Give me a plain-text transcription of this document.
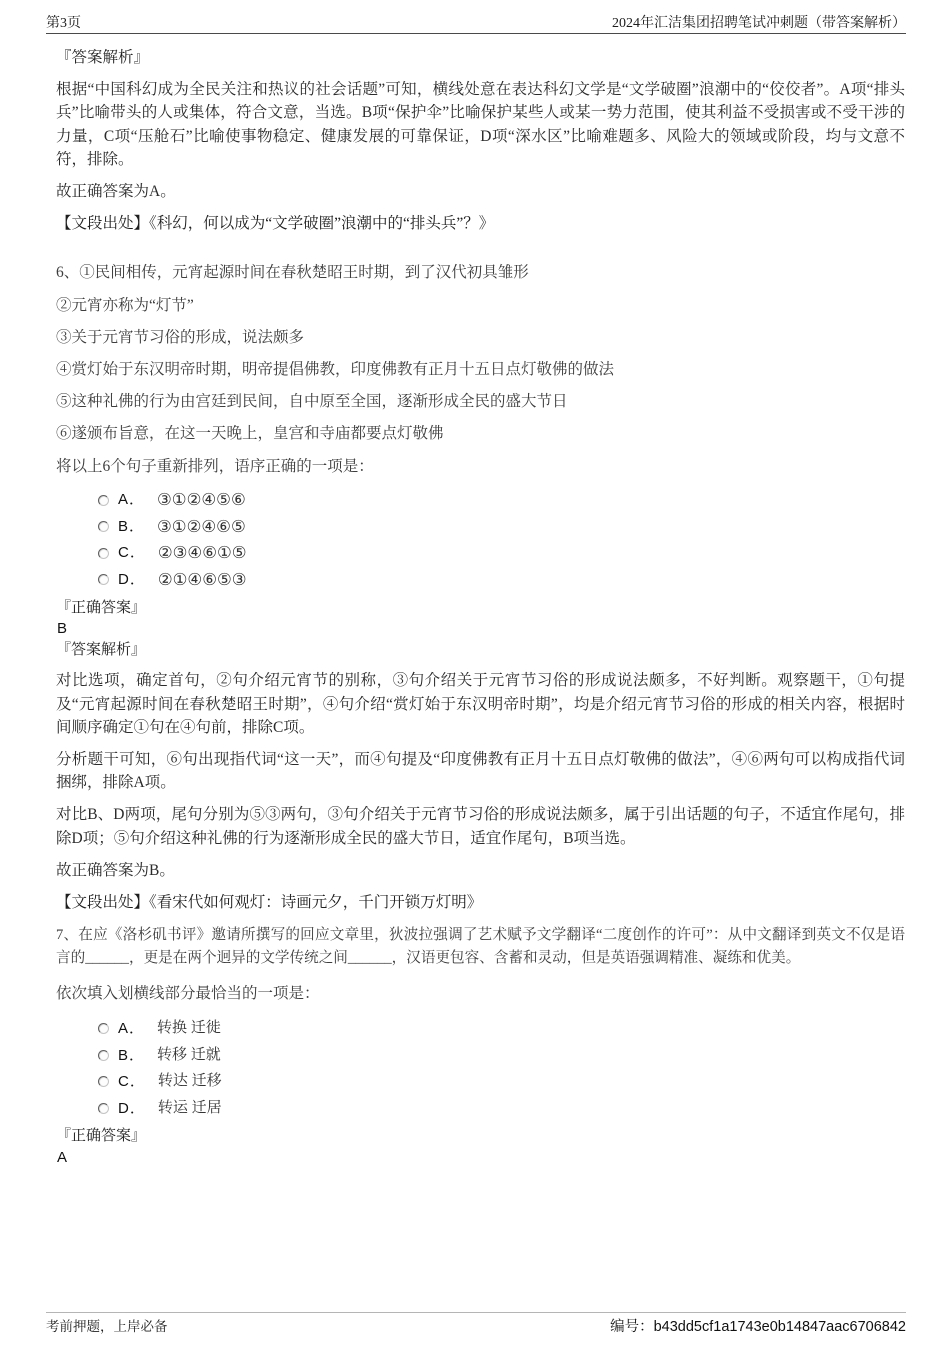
第3页	2024年汇洁集团招聘笔试冲刺题（带答案解析）
『答案解析』

根据“中国科幻成为全民关注和热议的社会话题”可知，横线处意在表达科幻文学是“文学破圈”浪潮中的“佼佼者”。A项“排头兵”比喻带头的人或集体，符合文意，当选。B项“保护伞”比喻保护某些人或某一势力范围，使其利益不受损害或不受干涉的力量，C项“压舱石”比喻使事物稳定、健康发展的可靠保证，D项“深水区”比喻难题多、风险大的领域或阶段，均与文意不符，排除。

故正确答案为A。

【文段出处】《科幻，何以成为“文学破圈”浪潮中的“排头兵”？》

6、①民间相传，元宵起源时间在春秋楚昭王时期，到了汉代初具雏形

②元宵亦称为“灯节”

③关于元宵节习俗的形成，说法颇多

④赏灯始于东汉明帝时期，明帝提倡佛教，印度佛教有正月十五日点灯敬佛的做法

⑤这种礼佛的行为由宫廷到民间，自中原至全国，逐渐形成全民的盛大节日

⑥遂颁布旨意，在这一天晚上，皇宫和寺庙都要点灯敬佛

将以上6个句子重新排列，语序正确的一项是：

A． ③①②④⑤⑥
B． ③①②④⑥⑤
C． ②③④⑥①⑤
D． ②①④⑥⑤③
『正确答案』
B
『答案解析』

对比选项，确定首句，②句介绍元宵节的别称，③句介绍关于元宵节习俗的形成说法颇多，不好判断。观察题干，①句提及“元宵起源时间在春秋楚昭王时期”，④句介绍“赏灯始于东汉明帝时期”，均是介绍元宵节习俗的形成的相关内容，根据时间顺序确定①句在④句前，排除C项。

分析题干可知，⑥句出现指代词“这一天”，而④句提及“印度佛教有正月十五日点灯敬佛的做法”，④⑥两句可以构成指代词捆绑，排除A项。

对比B、D两项，尾句分别为⑤③两句，③句介绍关于元宵节习俗的形成说法颇多，属于引出话题的句子，不适宜作尾句，排除D项；⑤句介绍这种礼佛的行为逐渐形成全民的盛大节日，适宜作尾句，B项当选。

故正确答案为B。

【文段出处】《看宋代如何观灯：诗画元夕，千门开锁万灯明》

7、在应《洛杉矶书评》邀请所撰写的回应文章里，狄波拉强调了艺术赋予文学翻译“二度创作的许可”：从中文翻译到英文不仅是语言的______，更是在两个迥异的文学传统之间______，汉语更包容、含蓄和灵动，但是英语强调精准、凝练和优美。

依次填入划横线部分最恰当的一项是：

A． 转换 迁徙
B． 转移 迁就
C． 转达 迁移
D． 转运 迁居
『正确答案』
A
考前押题，上岸必备	编号：b43dd5cf1a1743e0b14847aac6706842
